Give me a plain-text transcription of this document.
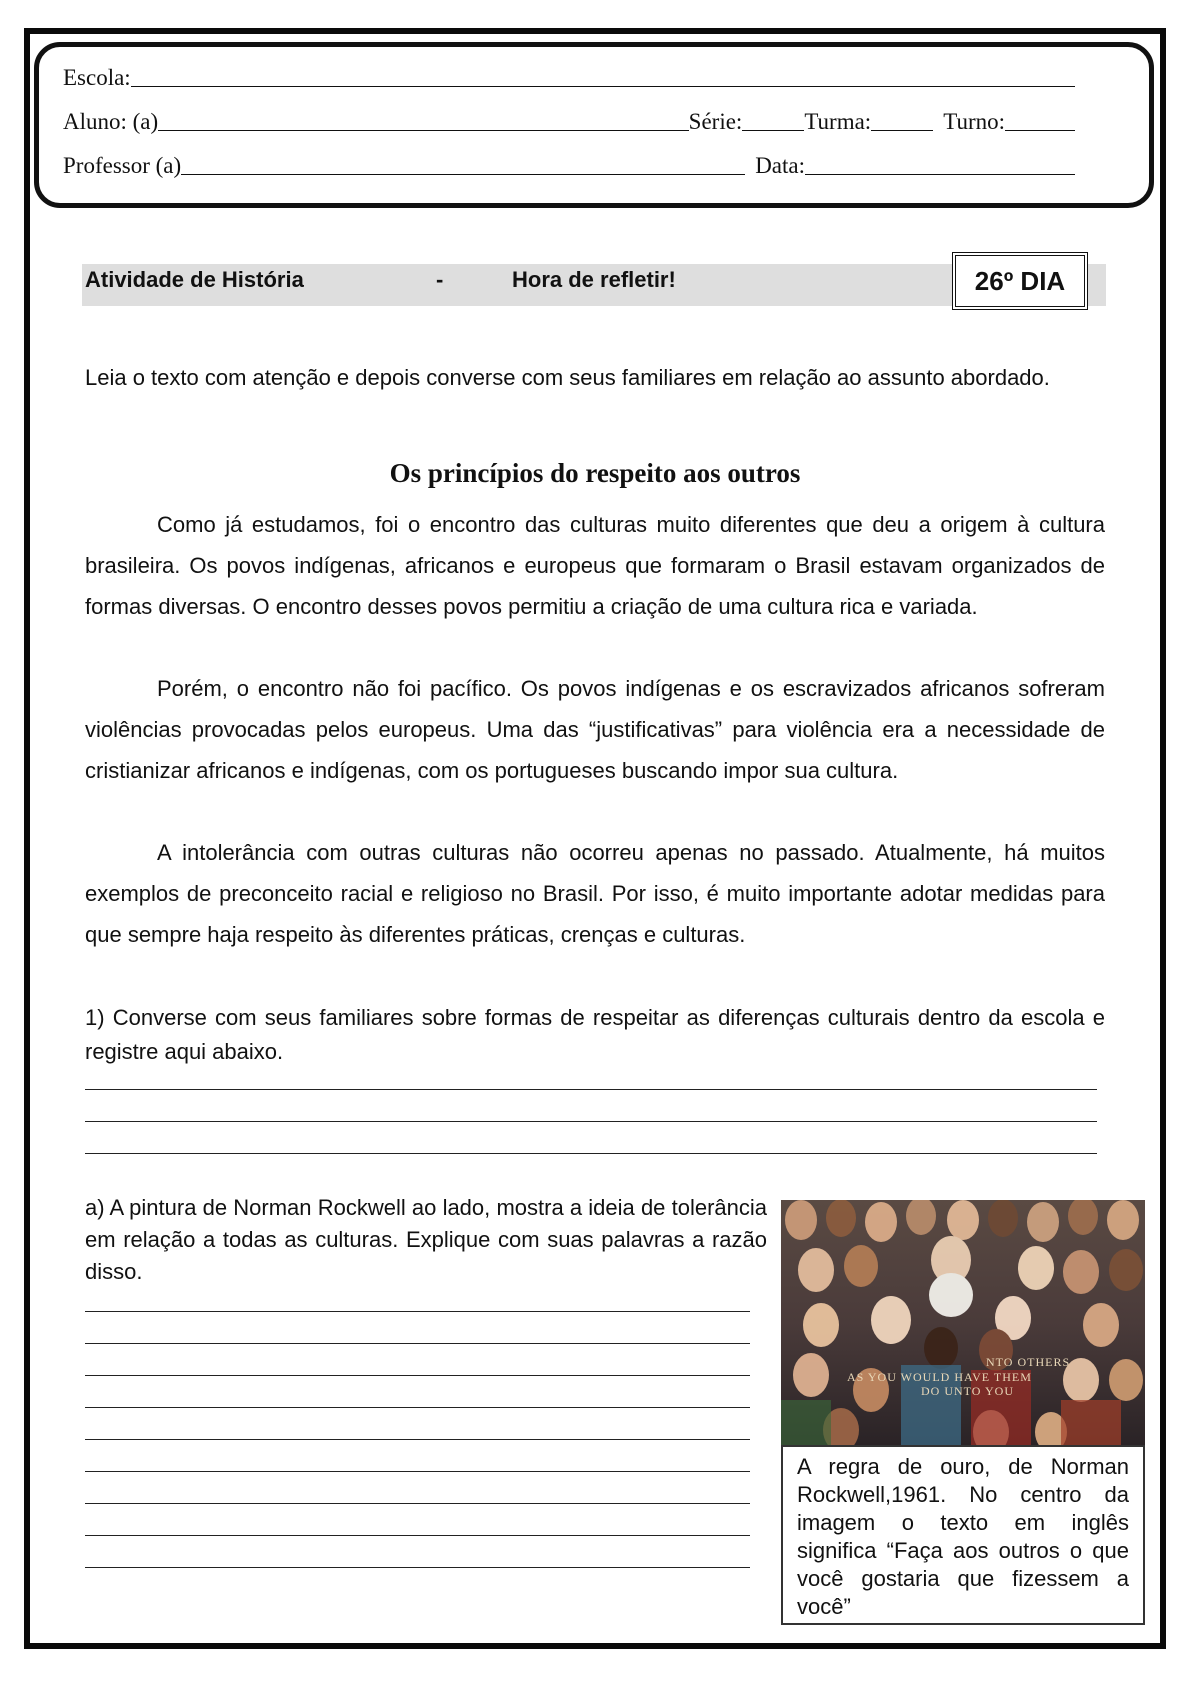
Escola:
Aluno: (a)	Série:	Turma:	Turno:
Professor (a)	Data:
Atividade de História	-	Hora de refletir!	26º DIA
Leia o texto com atenção e depois converse com seus familiares em relação ao assunto abordado.
Os princípios do respeito aos outros
Como já estudamos, foi o encontro das culturas muito diferentes que deu a origem à cultura brasileira. Os povos indígenas, africanos e europeus que formaram o Brasil estavam organizados de formas diversas. O encontro desses povos permitiu a criação de uma cultura rica e variada.
Porém, o encontro não foi pacífico. Os povos indígenas e os escravizados africanos sofreram violências provocadas pelos europeus. Uma das “justificativas” para violência era a necessidade de cristianizar africanos e indígenas, com os portugueses buscando impor sua cultura.
A intolerância com outras culturas não ocorreu apenas no passado. Atualmente, há muitos exemplos de preconceito racial e religioso no Brasil. Por isso, é muito importante adotar medidas para que sempre haja respeito às diferentes práticas, crenças e culturas.
1) Converse com seus familiares sobre formas de respeitar as diferenças culturais dentro da escola e registre aqui abaixo.
a) A pintura de Norman Rockwell ao lado, mostra a ideia de tolerância em relação a todas as culturas. Explique com suas palavras a razão disso.
NTO OTHERS
AS YOU WOULD HAVE THEM
DO UNTO YOU
A regra de ouro, de Norman Rockwell,1961. No centro da imagem o texto em inglês significa “Faça aos outros o que você gostaria que fizessem a você”
